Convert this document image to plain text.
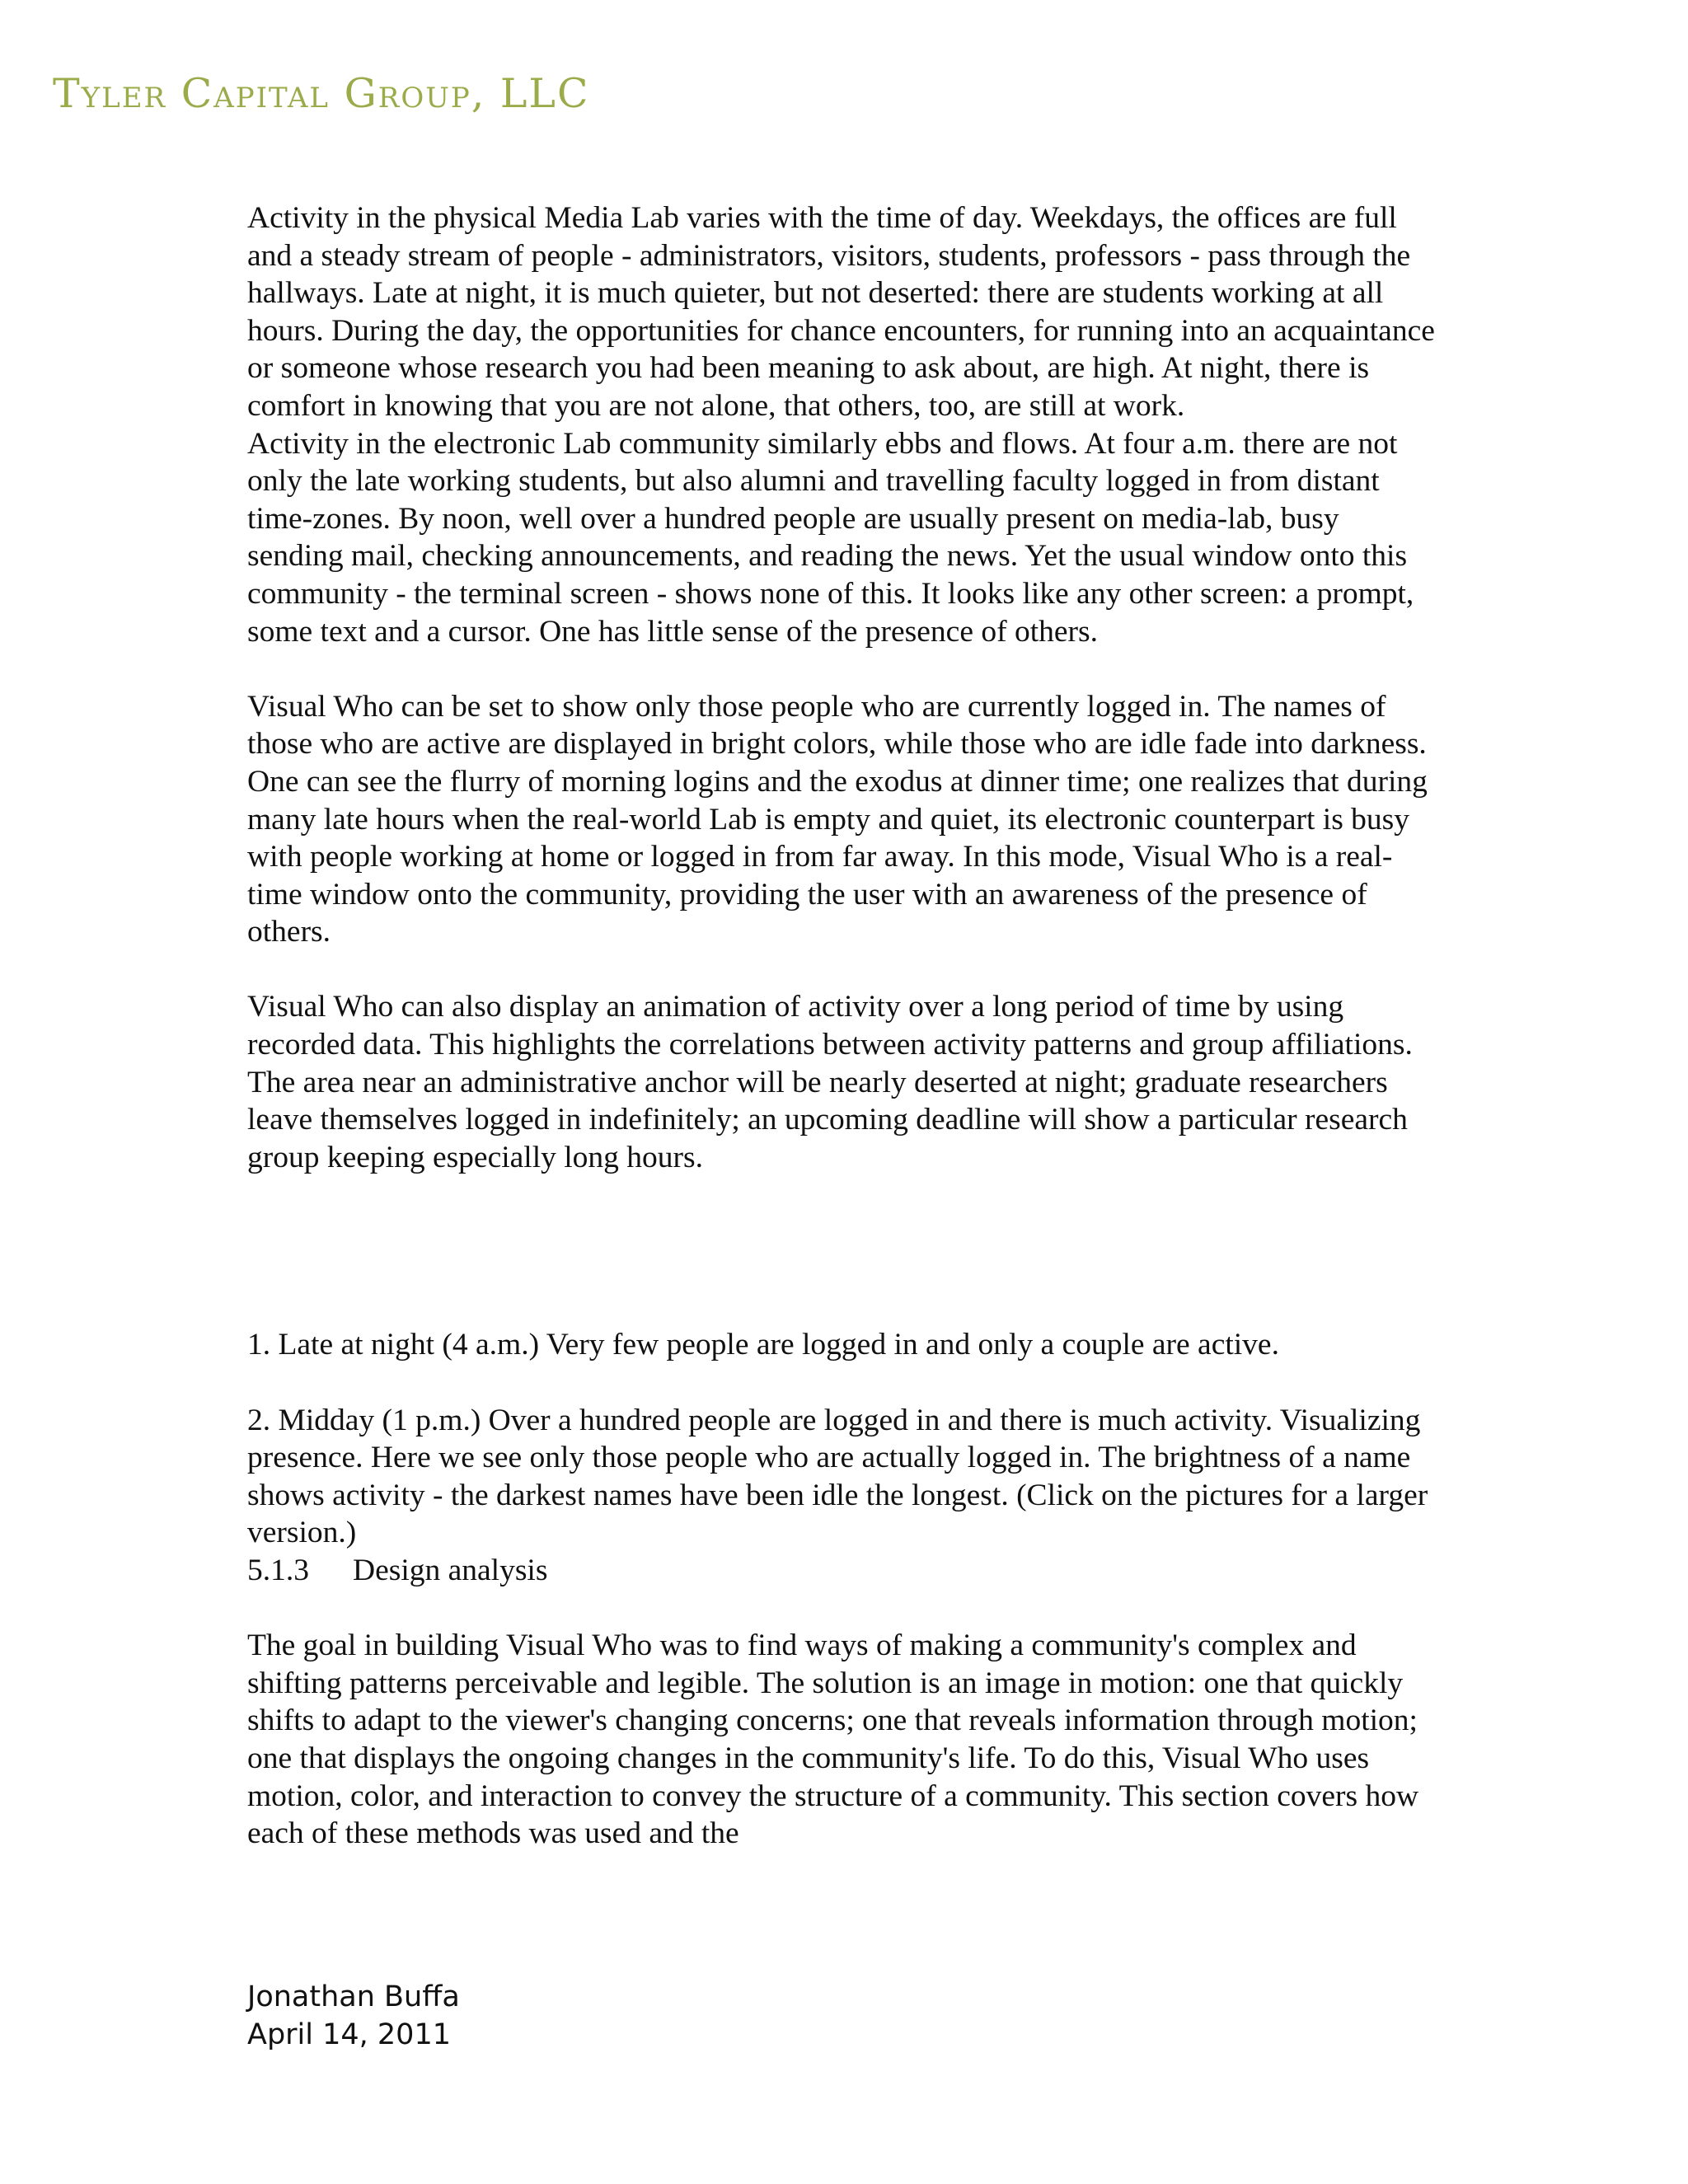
Tyler Capital Group, LLC

Activity in the physical Media Lab varies with the time of day. Weekdays, the offices are full and a steady stream of people - administrators, visitors, students, professors - pass through the hallways. Late at night, it is much quieter, but not deserted: there are students working at all hours. During the day, the opportunities for chance encounters, for running into an acquaintance or someone whose research you had been meaning to ask about, are high. At night, there is comfort in knowing that you are not alone, that others, too, are still at work.

Activity in the electronic Lab community similarly ebbs and flows. At four a.m. there are not only the late working students, but also alumni and travelling faculty logged in from distant time-zones. By noon, well over a hundred people are usually present on media-lab, busy sending mail, checking announcements, and reading the news. Yet the usual window onto this community - the terminal screen - shows none of this. It looks like any other screen: a prompt, some text and a cursor. One has little sense of the presence of others.

Visual Who can be set to show only those people who are currently logged in. The names of those who are active are displayed in bright colors, while those who are idle fade into darkness. One can see the flurry of morning logins and the exodus at dinner time; one realizes that during many late hours when the real-world Lab is empty and quiet, its electronic counterpart is busy with people working at home or logged in from far away. In this mode, Visual Who is a real-time window onto the community, providing the user with an awareness of the presence of others.

Visual Who can also display an animation of activity over a long period of time by using recorded data. This highlights the correlations between activity patterns and group affiliations. The area near an administrative anchor will be nearly deserted at night; graduate researchers leave themselves logged in indefinitely; an upcoming deadline will show a particular research group keeping especially long hours.

1. Late at night (4 a.m.) Very few people are logged in and only a couple are active.

2. Midday (1 p.m.) Over a hundred people are logged in and there is much activity. Visualizing presence. Here we see only those people who are actually logged in. The brightness of a name shows activity - the darkest names have been idle the longest. (Click on the pictures for a larger version.)

5.1.3	Design analysis

The goal in building Visual Who was to find ways of making a community's complex and shifting patterns perceivable and legible. The solution is an image in motion: one that quickly shifts to adapt to the viewer's changing concerns; one that reveals information through motion; one that displays the ongoing changes in the community's life. To do this, Visual Who uses motion, color, and interaction to convey the structure of a community. This section covers how each of these methods was used and the

Jonathan Buffa
April 14, 2011
